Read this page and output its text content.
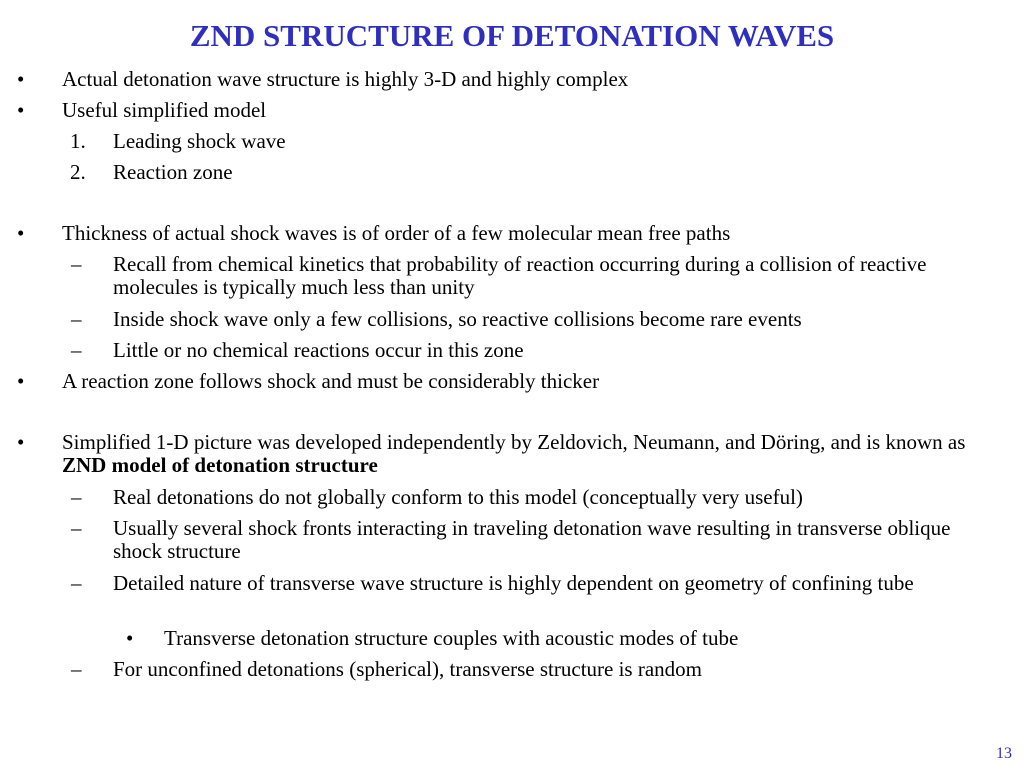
ZND STRUCTURE OF DETONATION WAVES
• Actual detonation wave structure is highly 3-D and highly complex
• Useful simplified model
1. Leading shock wave
2. Reaction zone
• Thickness of actual shock waves is of order of a few molecular mean free paths
– Recall from chemical kinetics that probability of reaction occurring during a collision of reactive molecules is typically much less than unity
– Inside shock wave only a few collisions, so reactive collisions become rare events
– Little or no chemical reactions occur in this zone
• A reaction zone follows shock and must be considerably thicker
• Simplified 1-D picture was developed independently by Zeldovich, Neumann, and Döring, and is known as ZND model of detonation structure
– Real detonations do not globally conform to this model (conceptually very useful)
– Usually several shock fronts interacting in traveling detonation wave resulting in transverse oblique shock structure
– Detailed nature of transverse wave structure is highly dependent on geometry of confining tube
• Transverse detonation structure couples with acoustic modes of tube
– For unconfined detonations (spherical), transverse structure is random
13
